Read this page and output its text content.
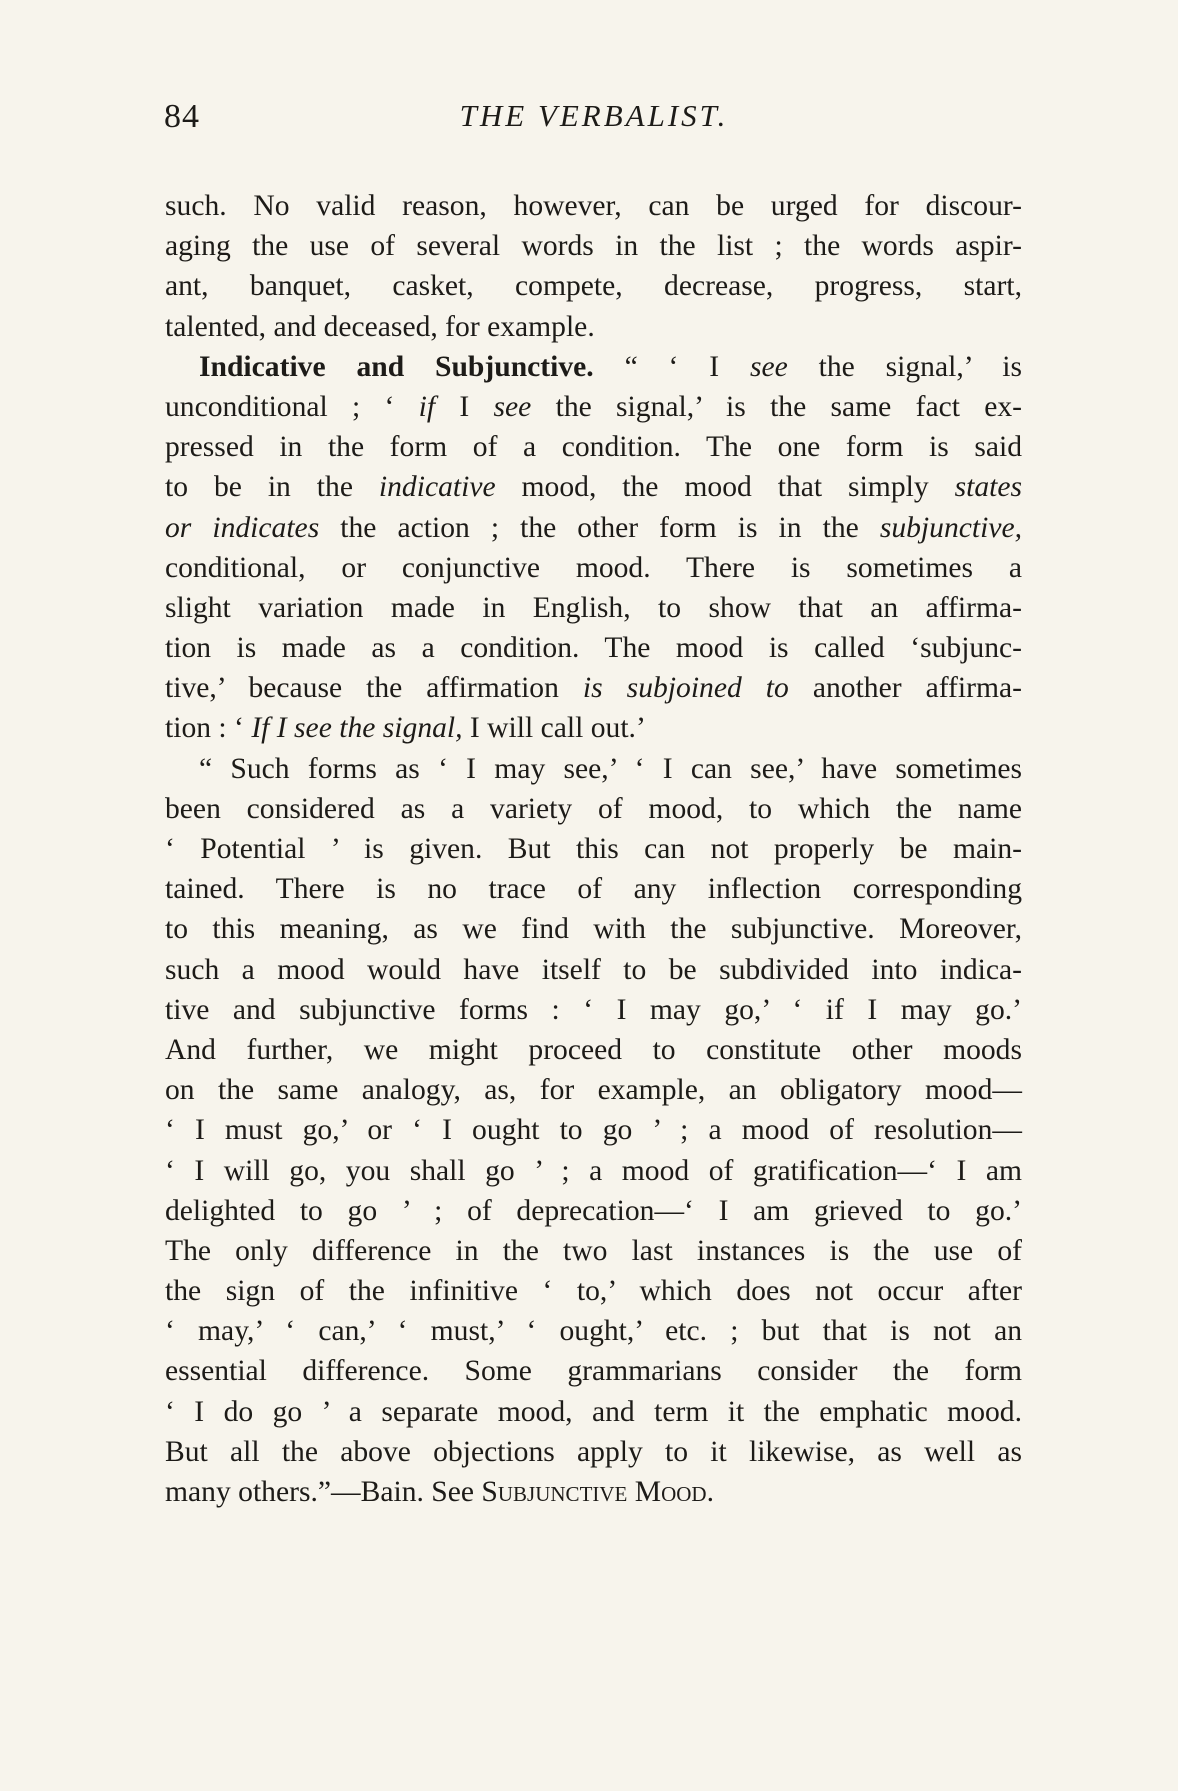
84	THE VERBALIST.
such. No valid reason, however, can be urged for discour-
aging the use of several words in the list ; the words aspir-
ant, banquet, casket, compete, decrease, progress, start,
talented, and deceased, for example.
Indicative and Subjunctive. “ ‘ I see the signal,’ is
unconditional ; ‘ if I see the signal,’ is the same fact ex-
pressed in the form of a condition. The one form is said
to be in the indicative mood, the mood that simply states
or indicates the action ; the other form is in the subjunctive,
conditional, or conjunctive mood. There is sometimes a
slight variation made in English, to show that an affirma-
tion is made as a condition. The mood is called ‘subjunc-
tive,’ because the affirmation is subjoined to another affirma-
tion : ‘ If I see the signal, I will call out.’
“ Such forms as ‘ I may see,’ ‘ I can see,’ have sometimes
been considered as a variety of mood, to which the name
‘ Potential ’ is given. But this can not properly be main-
tained. There is no trace of any inflection corresponding
to this meaning, as we find with the subjunctive. Moreover,
such a mood would have itself to be subdivided into indica-
tive and subjunctive forms : ‘ I may go,’ ‘ if I may go.’
And further, we might proceed to constitute other moods
on the same analogy, as, for example, an obligatory mood—
‘ I must go,’ or ‘ I ought to go ’ ; a mood of resolution—
‘ I will go, you shall go ’ ; a mood of gratification—‘ I am
delighted to go ’ ; of deprecation—‘ I am grieved to go.’
The only difference in the two last instances is the use of
the sign of the infinitive ‘ to,’ which does not occur after
‘ may,’ ‘ can,’ ‘ must,’ ‘ ought,’ etc. ; but that is not an
essential difference. Some grammarians consider the form
‘ I do go ’ a separate mood, and term it the emphatic mood.
But all the above objections apply to it likewise, as well as
many others.”—Bain. See Subjunctive Mood.
